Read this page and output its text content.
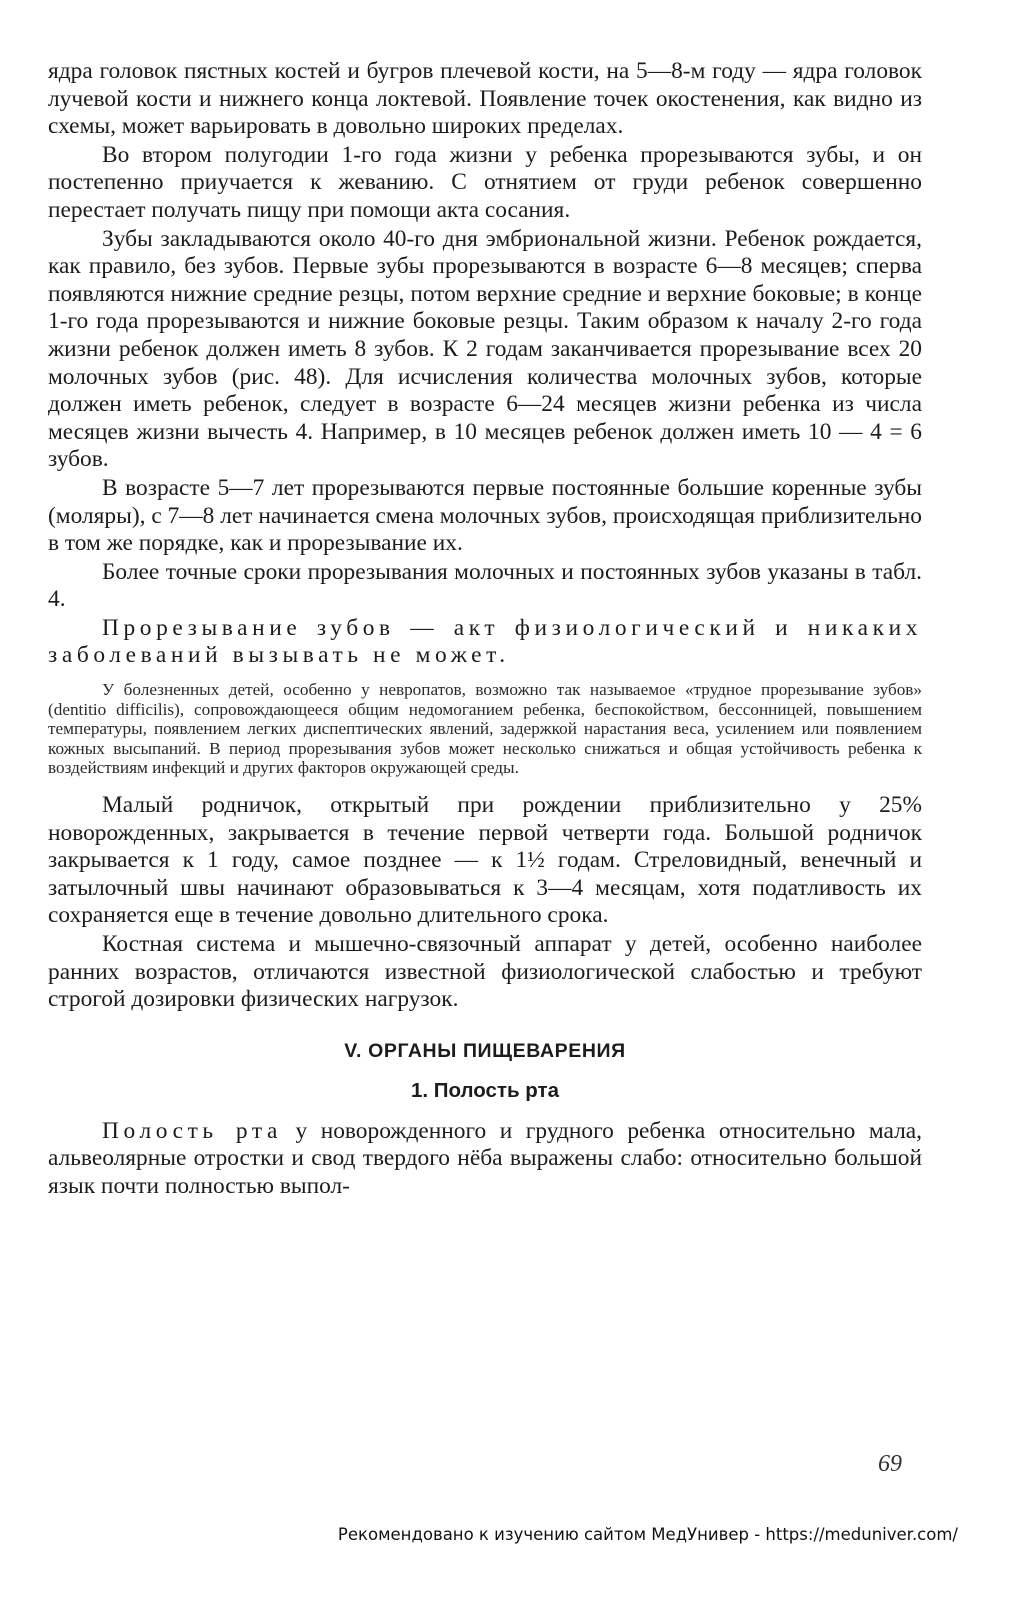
ядра головок пястных костей и бугров плечевой кости, на 5—8-м году — ядра головок лучевой кости и нижнего конца локтевой. Появление точек окостенения, как видно из схемы, может варьировать в довольно широких пределах.

Во втором полугодии 1-го года жизни у ребенка прорезываются зубы, и он постепенно приучается к жеванию. С отнятием от груди ребенок совершенно перестает получать пищу при помощи акта сосания.

Зубы закладываются около 40-го дня эмбриональной жизни. Ребенок рождается, как правило, без зубов. Первые зубы прорезываются в возрасте 6—8 месяцев; сперва появляются нижние средние резцы, потом верхние средние и верхние боковые; в конце 1-го года прорезываются и нижние боковые резцы. Таким образом к началу 2-го года жизни ребенок должен иметь 8 зубов. К 2 годам заканчивается прорезывание всех 20 молочных зубов (рис. 48). Для исчисления количества молочных зубов, которые должен иметь ребенок, следует в возрасте 6—24 месяцев жизни ребенка из числа месяцев жизни вычесть 4. Например, в 10 месяцев ребенок должен иметь 10 — 4 = 6 зубов.

В возрасте 5—7 лет прорезываются первые постоянные большие коренные зубы (моляры), с 7—8 лет начинается смена молочных зубов, происходящая приблизительно в том же порядке, как и прорезывание их.

Более точные сроки прорезывания молочных и постоянных зубов указаны в табл. 4.

Прорезывание зубов — акт физиологический и никаких заболеваний вызывать не может.

У болезненных детей, особенно у невропатов, возможно так называемое «трудное прорезывание зубов» (dentitio difficilis), сопровождающееся общим недомоганием ребенка, беспокойством, бессонницей, повышением температуры, появлением легких диспептических явлений, задержкой нарастания веса, усилением или появлением кожных высыпаний. В период прорезывания зубов может несколько снижаться и общая устойчивость ребенка к воздействиям инфекций и других факторов окружающей среды.

Малый родничок, открытый при рождении приблизительно у 25% новорожденных, закрывается в течение первой четверти года. Большой родничок закрывается к 1 году, самое позднее — к 1½ годам. Стреловидный, венечный и затылочный швы начинают образовываться к 3—4 месяцам, хотя податливость их сохраняется еще в течение довольно длительного срока.

Костная система и мышечно-связочный аппарат у детей, особенно наиболее ранних возрастов, отличаются известной физиологической слабостью и требуют строгой дозировки физических нагрузок.

V. ОРГАНЫ ПИЩЕВАРЕНИЯ
1. Полость рта

Полость рта у новорожденного и грудного ребенка относительно мала, альвеолярные отростки и свод твердого нёба выражены слабо: относительно большой язык почти полностью выпол-

69
Рекомендовано к изучению сайтом МедУнивер - https://meduniver.com/
